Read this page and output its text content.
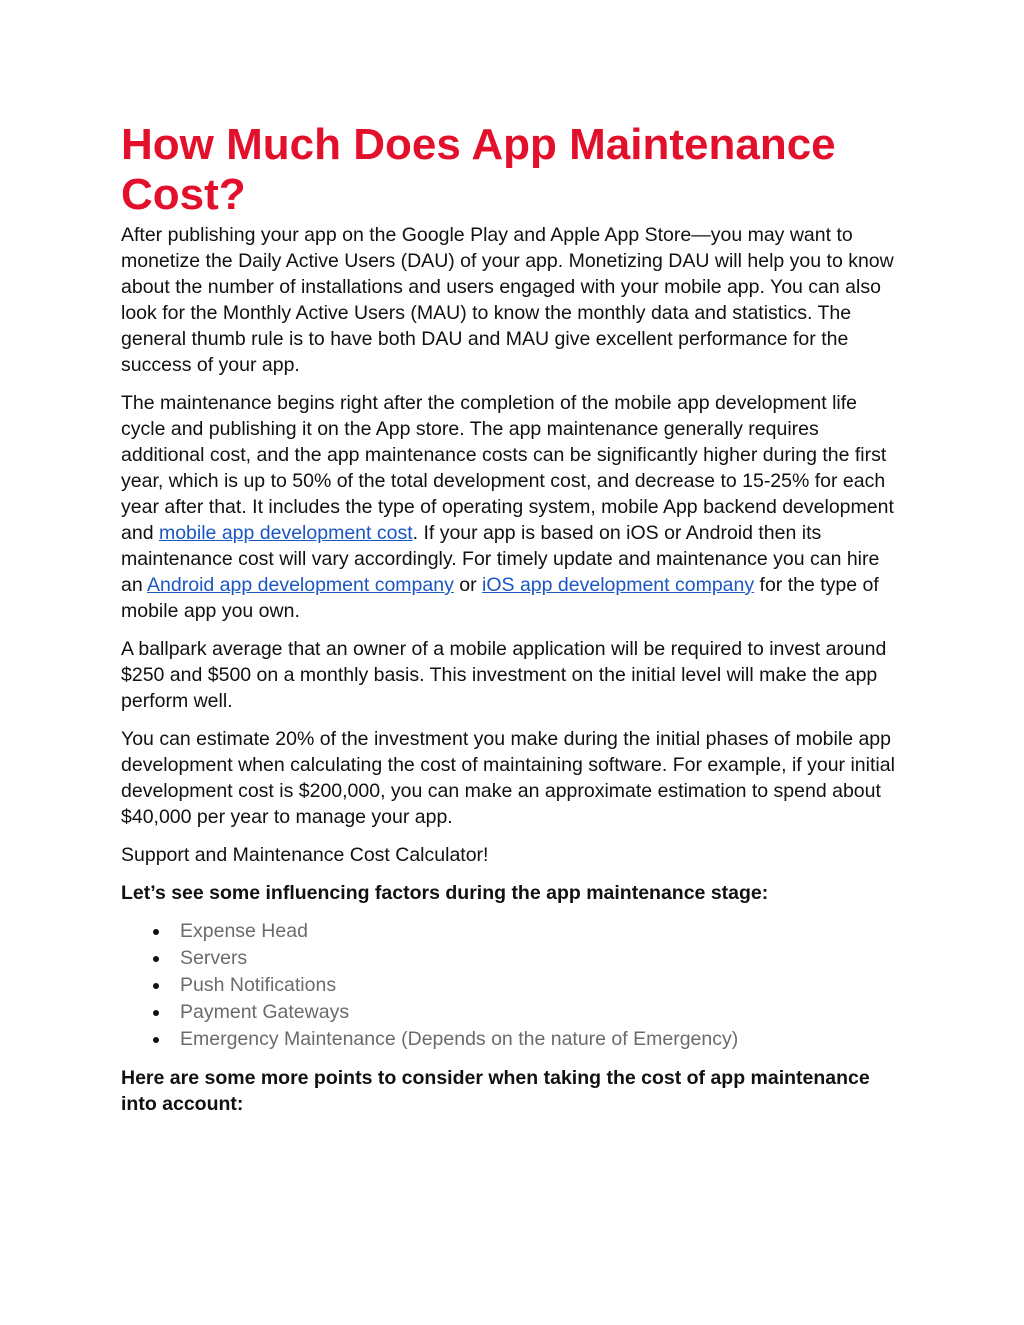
How Much Does App Maintenance Cost?

After publishing your app on the Google Play and Apple App Store—you may want to monetize the Daily Active Users (DAU) of your app. Monetizing DAU will help you to know about the number of installations and users engaged with your mobile app. You can also look for the Monthly Active Users (MAU) to know the monthly data and statistics. The general thumb rule is to have both DAU and MAU give excellent performance for the success of your app.

The maintenance begins right after the completion of the mobile app development life cycle and publishing it on the App store. The app maintenance generally requires additional cost, and the app maintenance costs can be significantly higher during the first year, which is up to 50% of the total development cost, and decrease to 15-25% for each year after that. It includes the type of operating system, mobile App backend development and mobile app development cost. If your app is based on iOS or Android then its maintenance cost will vary accordingly. For timely update and maintenance you can hire an Android app development company or iOS app development company for the type of mobile app you own.

A ballpark average that an owner of a mobile application will be required to invest around $250 and $500 on a monthly basis. This investment on the initial level will make the app perform well.

You can estimate 20% of the investment you make during the initial phases of mobile app development when calculating the cost of maintaining software. For example, if your initial development cost is $200,000, you can make an approximate estimation to spend about $40,000 per year to manage your app.

Support and Maintenance Cost Calculator!

Let’s see some influencing factors during the app maintenance stage:

Expense Head
Servers
Push Notifications
Payment Gateways
Emergency Maintenance (Depends on the nature of Emergency)

Here are some more points to consider when taking the cost of app maintenance into account:
